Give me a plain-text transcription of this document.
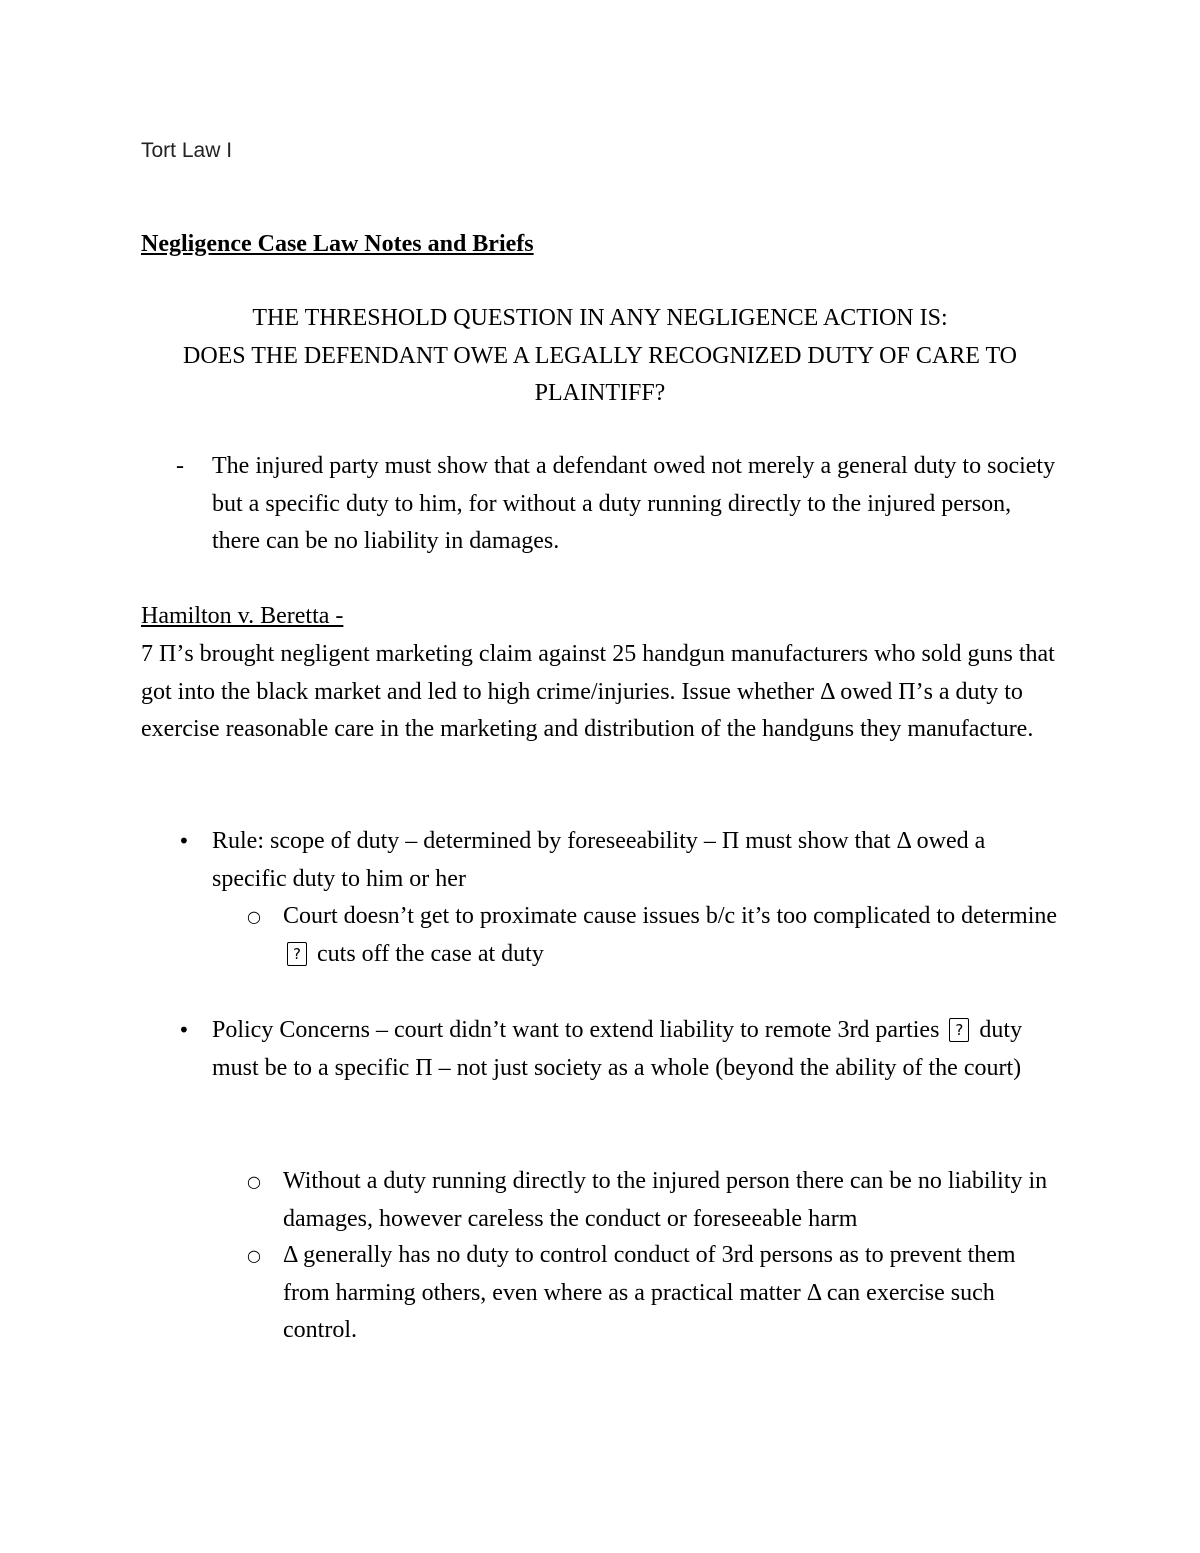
Tort Law I
Negligence Case Law Notes and Briefs

THE THRESHOLD QUESTION IN ANY NEGLIGENCE ACTION IS:

DOES THE DEFENDANT OWE A LEGALLY RECOGNIZED DUTY OF CARE TO PLAINTIFF?

- The injured party must show that a defendant owed not merely a general duty to society but a specific duty to him, for without a duty running directly to the injured person, there can be no liability in damages.
Hamilton v. Beretta -
7 Π’s brought negligent marketing claim against 25 handgun manufacturers who sold guns that got into the black market and led to high crime/injuries. Issue whether Δ owed Π’s a duty to exercise reasonable care in the marketing and distribution of the handguns they manufacture.
• Rule: scope of duty – determined by foreseeability – Π must show that Δ owed a specific duty to him or her
○ Court doesn’t get to proximate cause issues b/c it’s too complicated to determine ? cuts off the case at duty
• Policy Concerns – court didn’t want to extend liability to remote 3rd parties ? duty must be to a specific Π – not just society as a whole (beyond the ability of the court)
○ Without a duty running directly to the injured person there can be no liability in damages, however careless the conduct or foreseeable harm
○ Δ generally has no duty to control conduct of 3rd persons as to prevent them from harming others, even where as a practical matter Δ can exercise such control.
